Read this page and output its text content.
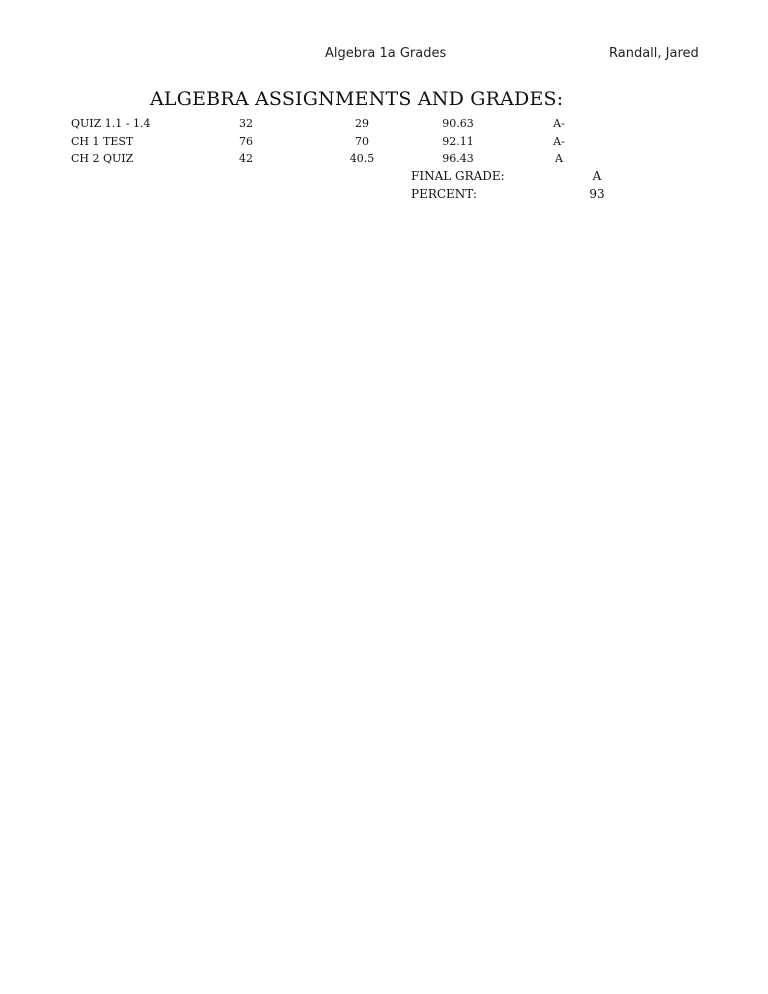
Algebra 1a Grades	Randall, Jared
ALGEBRA ASSIGNMENTS AND GRADES:
QUIZ 1.1 - 1.4	32	29	90.63	A-
CH 1 TEST	76	70	92.11	A-
CH 2 QUIZ	42	40.5	96.43	A
FINAL GRADE:	A
PERCENT:	93
